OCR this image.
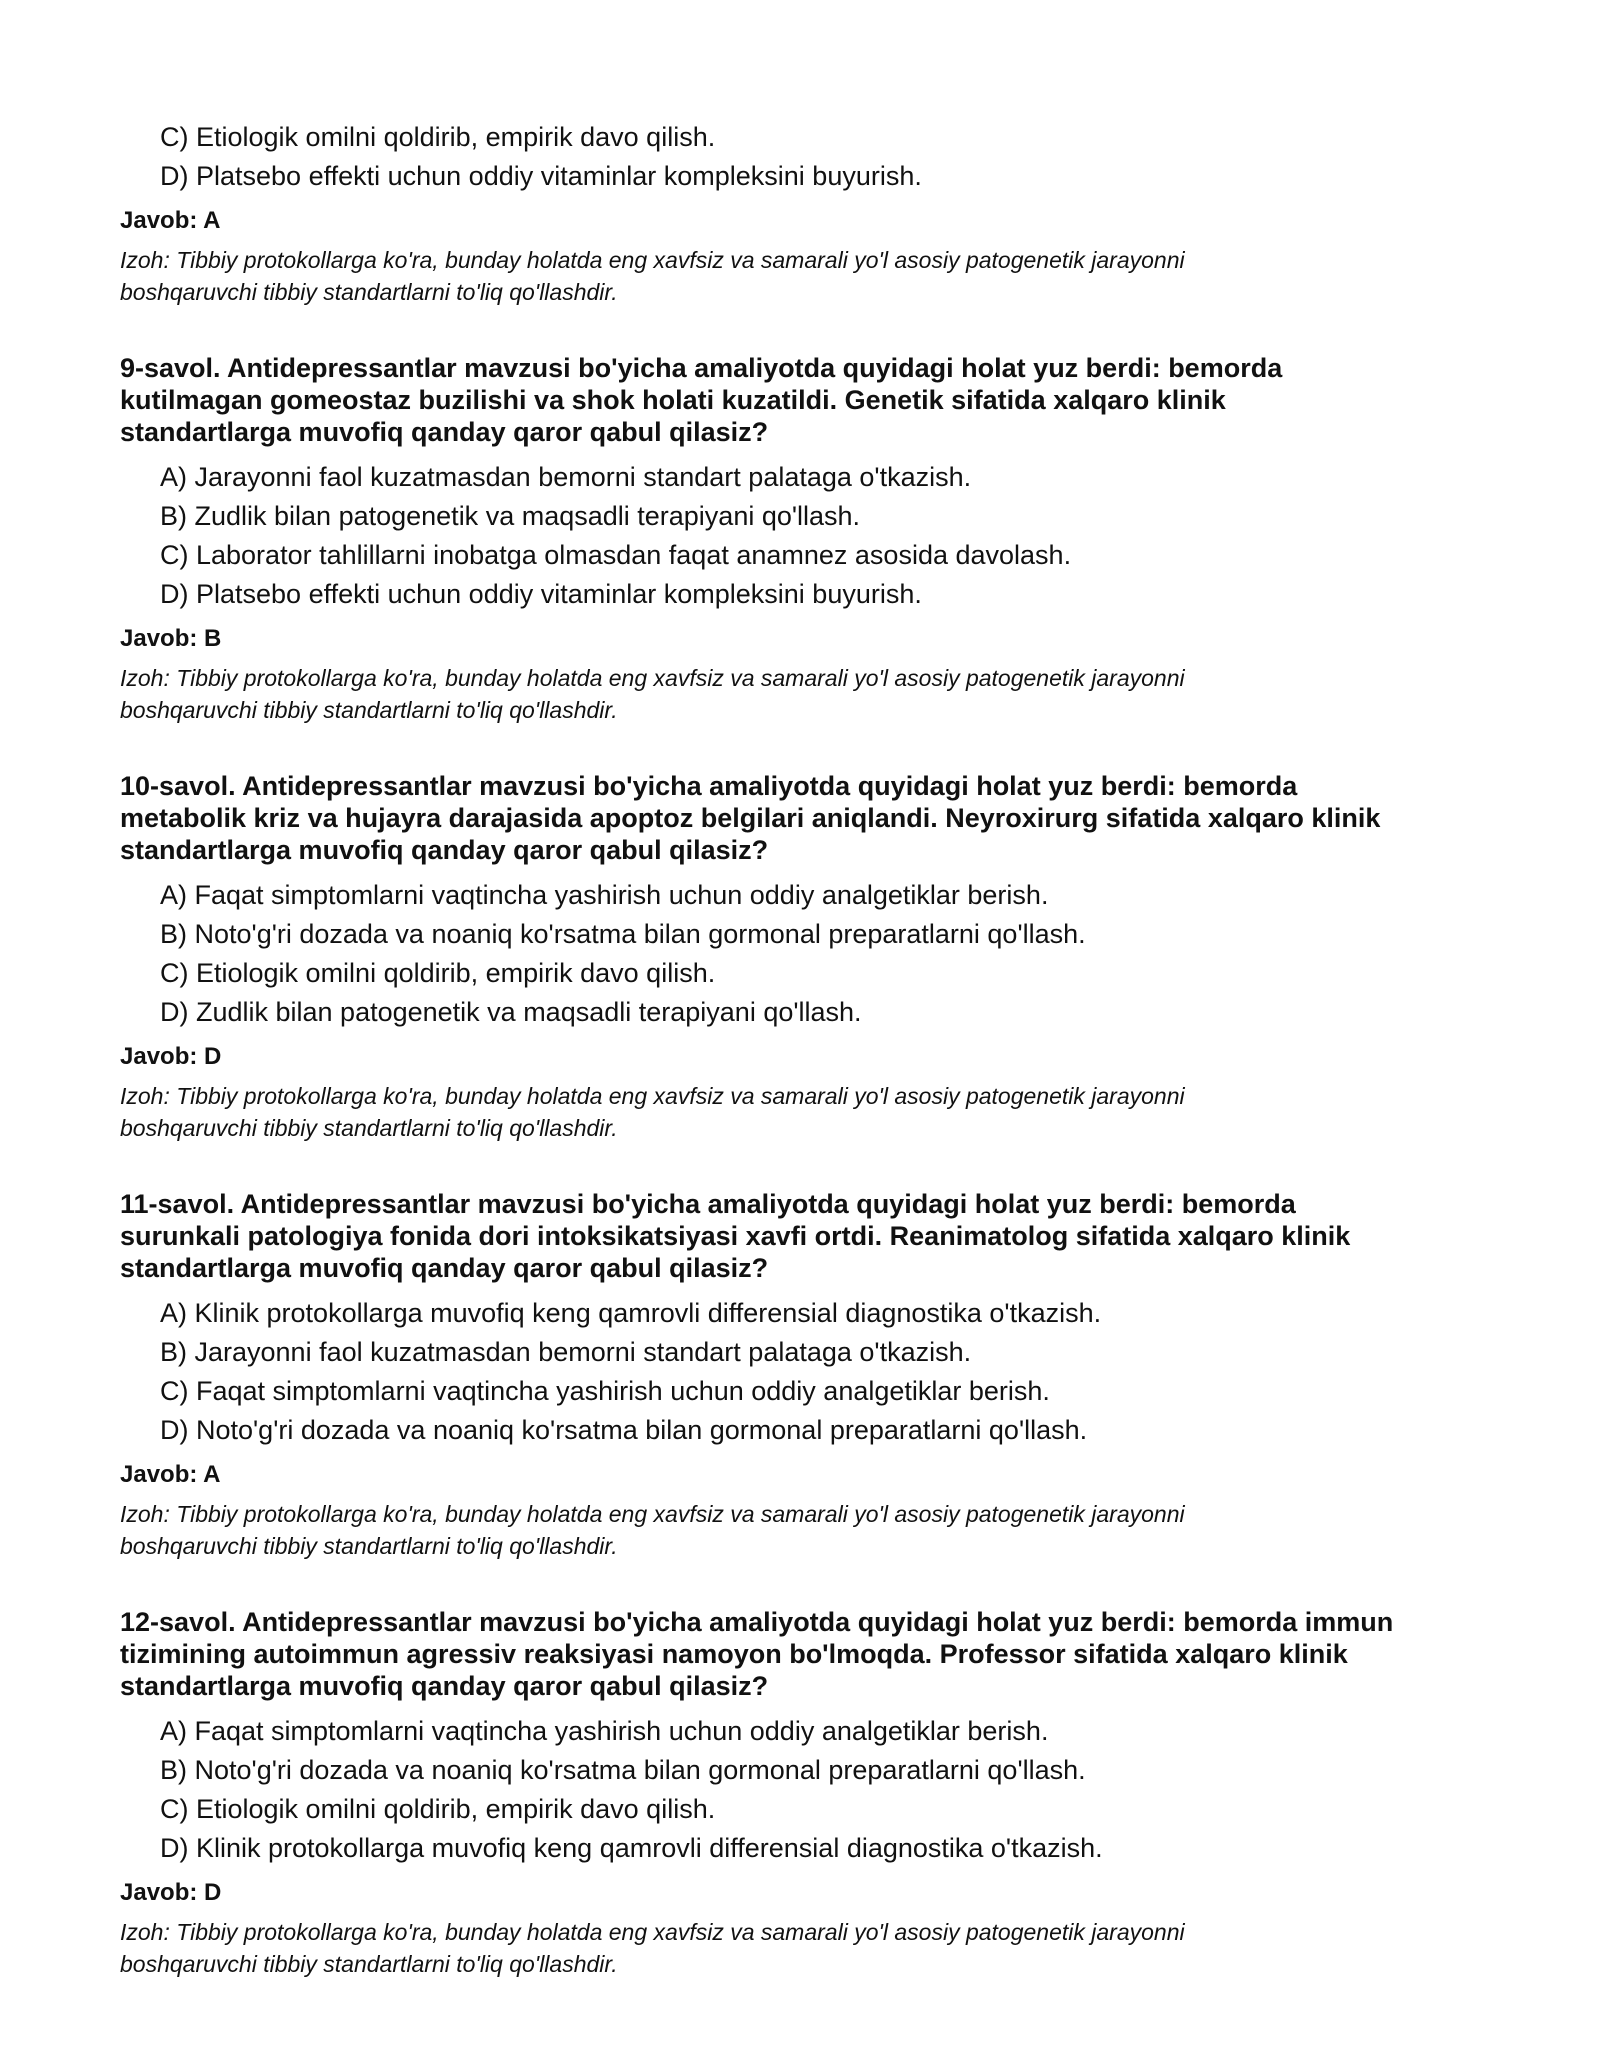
C) Etiologik omilni qoldirib, empirik davo qilish.
D) Platsebo effekti uchun oddiy vitaminlar kompleksini buyurish.
Javob: A
Izoh: Tibbiy protokollarga ko'ra, bunday holatda eng xavfsiz va samarali yo'l asosiy patogenetik jarayonni
boshqaruvchi tibbiy standartlarni to'liq qo'llashdir.
9-savol. Antidepressantlar mavzusi bo'yicha amaliyotda quyidagi holat yuz berdi: bemorda
kutilmagan gomeostaz buzilishi va shok holati kuzatildi. Genetik sifatida xalqaro klinik
standartlarga muvofiq qanday qaror qabul qilasiz?
A) Jarayonni faol kuzatmasdan bemorni standart palataga o'tkazish.
B) Zudlik bilan patogenetik va maqsadli terapiyani qo'llash.
C) Laborator tahlillarni inobatga olmasdan faqat anamnez asosida davolash.
D) Platsebo effekti uchun oddiy vitaminlar kompleksini buyurish.
Javob: B
Izoh: Tibbiy protokollarga ko'ra, bunday holatda eng xavfsiz va samarali yo'l asosiy patogenetik jarayonni
boshqaruvchi tibbiy standartlarni to'liq qo'llashdir.
10-savol. Antidepressantlar mavzusi bo'yicha amaliyotda quyidagi holat yuz berdi: bemorda
metabolik kriz va hujayra darajasida apoptoz belgilari aniqlandi. Neyroxirurg sifatida xalqaro klinik
standartlarga muvofiq qanday qaror qabul qilasiz?
A) Faqat simptomlarni vaqtincha yashirish uchun oddiy analgetiklar berish.
B) Noto'g'ri dozada va noaniq ko'rsatma bilan gormonal preparatlarni qo'llash.
C) Etiologik omilni qoldirib, empirik davo qilish.
D) Zudlik bilan patogenetik va maqsadli terapiyani qo'llash.
Javob: D
Izoh: Tibbiy protokollarga ko'ra, bunday holatda eng xavfsiz va samarali yo'l asosiy patogenetik jarayonni
boshqaruvchi tibbiy standartlarni to'liq qo'llashdir.
11-savol. Antidepressantlar mavzusi bo'yicha amaliyotda quyidagi holat yuz berdi: bemorda
surunkali patologiya fonida dori intoksikatsiyasi xavfi ortdi. Reanimatolog sifatida xalqaro klinik
standartlarga muvofiq qanday qaror qabul qilasiz?
A) Klinik protokollarga muvofiq keng qamrovli differensial diagnostika o'tkazish.
B) Jarayonni faol kuzatmasdan bemorni standart palataga o'tkazish.
C) Faqat simptomlarni vaqtincha yashirish uchun oddiy analgetiklar berish.
D) Noto'g'ri dozada va noaniq ko'rsatma bilan gormonal preparatlarni qo'llash.
Javob: A
Izoh: Tibbiy protokollarga ko'ra, bunday holatda eng xavfsiz va samarali yo'l asosiy patogenetik jarayonni
boshqaruvchi tibbiy standartlarni to'liq qo'llashdir.
12-savol. Antidepressantlar mavzusi bo'yicha amaliyotda quyidagi holat yuz berdi: bemorda immun
tizimining autoimmun agressiv reaksiyasi namoyon bo'lmoqda. Professor sifatida xalqaro klinik
standartlarga muvofiq qanday qaror qabul qilasiz?
A) Faqat simptomlarni vaqtincha yashirish uchun oddiy analgetiklar berish.
B) Noto'g'ri dozada va noaniq ko'rsatma bilan gormonal preparatlarni qo'llash.
C) Etiologik omilni qoldirib, empirik davo qilish.
D) Klinik protokollarga muvofiq keng qamrovli differensial diagnostika o'tkazish.
Javob: D
Izoh: Tibbiy protokollarga ko'ra, bunday holatda eng xavfsiz va samarali yo'l asosiy patogenetik jarayonni
boshqaruvchi tibbiy standartlarni to'liq qo'llashdir.
